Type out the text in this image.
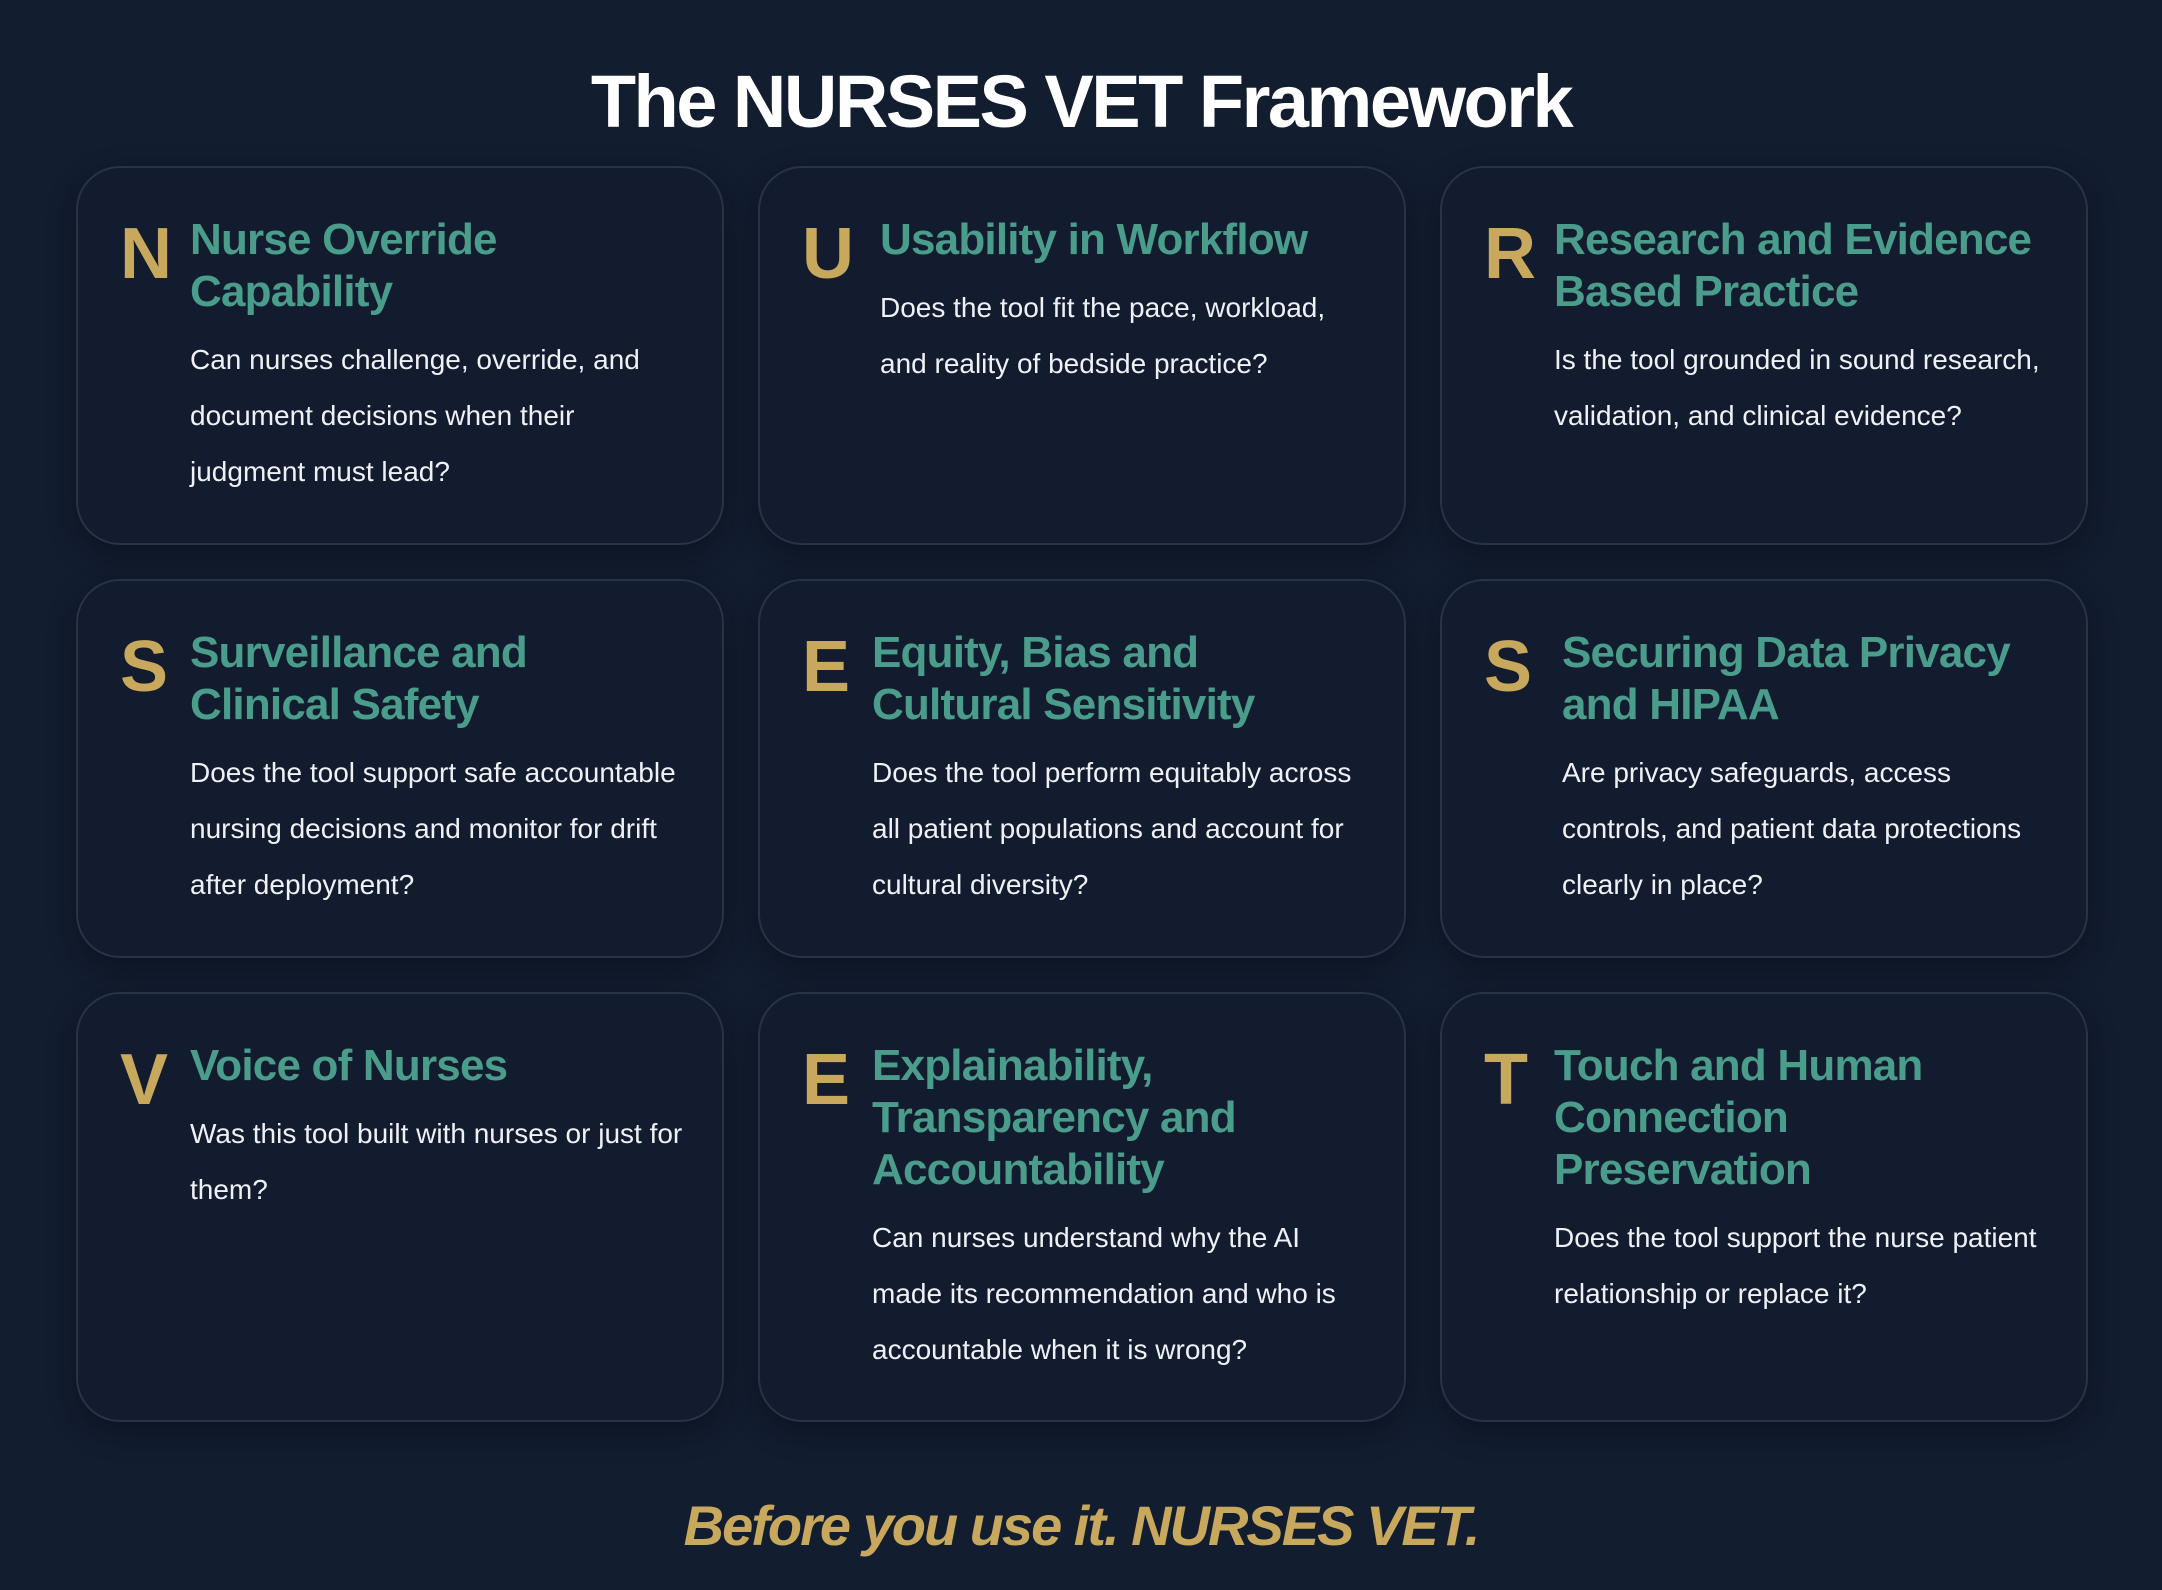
The NURSES VET Framework
N Nurse Override Capability

Can nurses challenge, override, and document decisions when their judgment must lead?

U Usability in Workflow

Does the tool fit the pace, workload, and reality of bedside practice?

R Research and Evidence Based Practice

Is the tool grounded in sound research, validation, and clinical evidence?

S Surveillance and Clinical Safety

Does the tool support safe accountable nursing decisions and monitor for drift after deployment?

E Equity, Bias and Cultural Sensitivity

Does the tool perform equitably across all patient populations and account for cultural diversity?

S Securing Data Privacy and HIPAA

Are privacy safeguards, access controls, and patient data protections clearly in place?

V Voice of Nurses

Was this tool built with nurses or just for them?

E Explainability, Transparency and Accountability

Can nurses understand why the AI made its recommendation and who is accountable when it is wrong?

T Touch and Human Connection Preservation

Does the tool support the nurse patient relationship or replace it?

Before you use it. NURSES VET.
